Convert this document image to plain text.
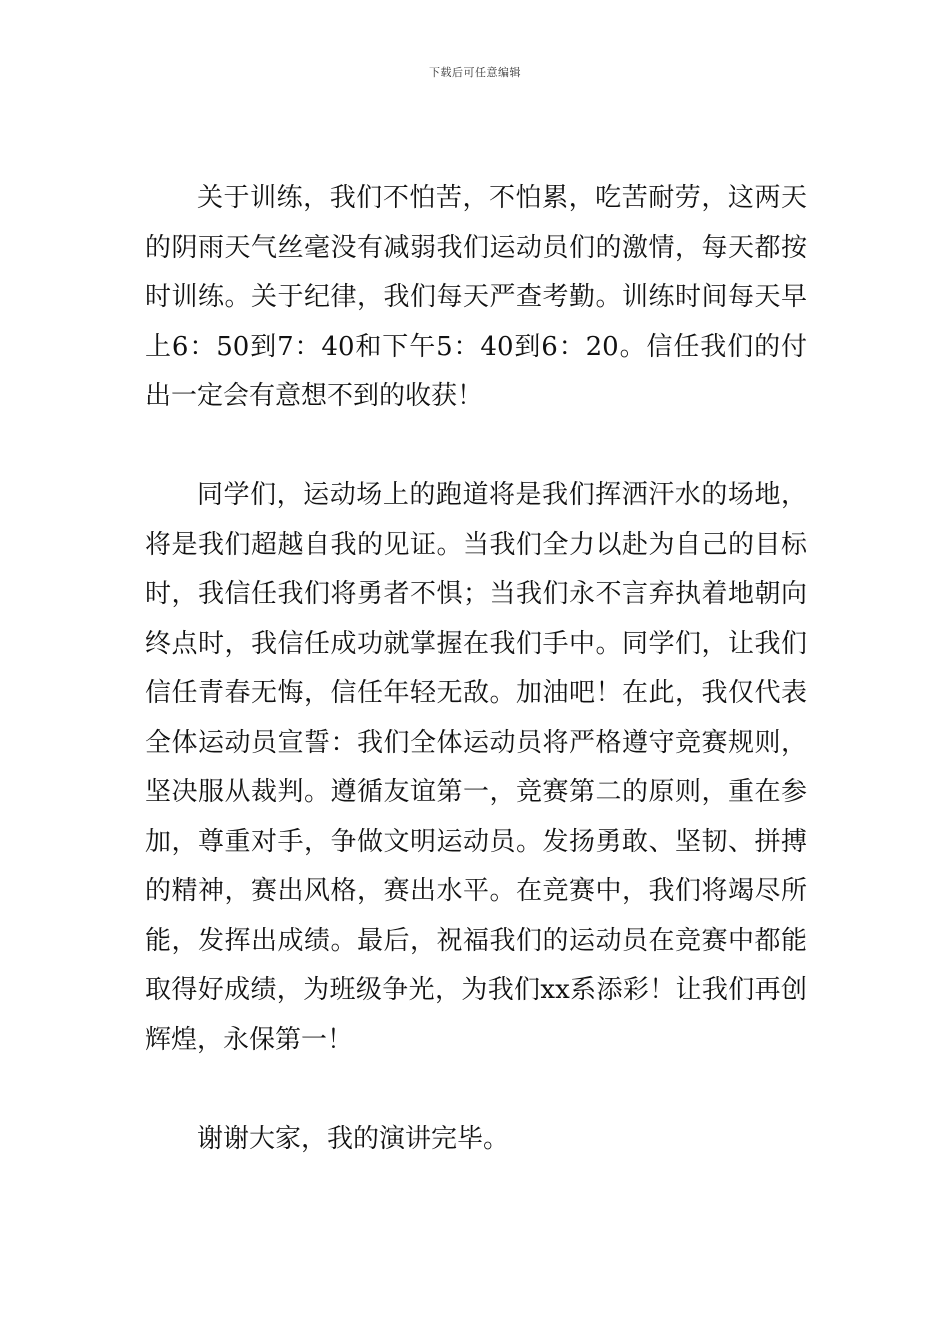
下载后可任意编辑

关于训练，我们不怕苦，不怕累，吃苦耐劳，这两天的阴雨天气丝毫没有减弱我们运动员们的激情，每天都按时训练。关于纪律，我们每天严查考勤。训练时间每天早上6：50到7：40和下午5：40到6：20。信任我们的付出一定会有意想不到的收获！

同学们，运动场上的跑道将是我们挥洒汗水的场地，将是我们超越自我的见证。当我们全力以赴为自己的目标时，我信任我们将勇者不惧；当我们永不言弃执着地朝向终点时，我信任成功就掌握在我们手中。同学们，让我们信任青春无悔，信任年轻无敌。加油吧！在此，我仅代表全体运动员宣誓：我们全体运动员将严格遵守竞赛规则，坚决服从裁判。遵循友谊第一，竞赛第二的原则，重在参加，尊重对手，争做文明运动员。发扬勇敢、坚韧、拼搏的精神，赛出风格，赛出水平。在竞赛中，我们将竭尽所能，发挥出成绩。最后，祝福我们的运动员在竞赛中都能取得好成绩，为班级争光，为我们xx系添彩！让我们再创辉煌，永保第一！

谢谢大家，我的演讲完毕。
